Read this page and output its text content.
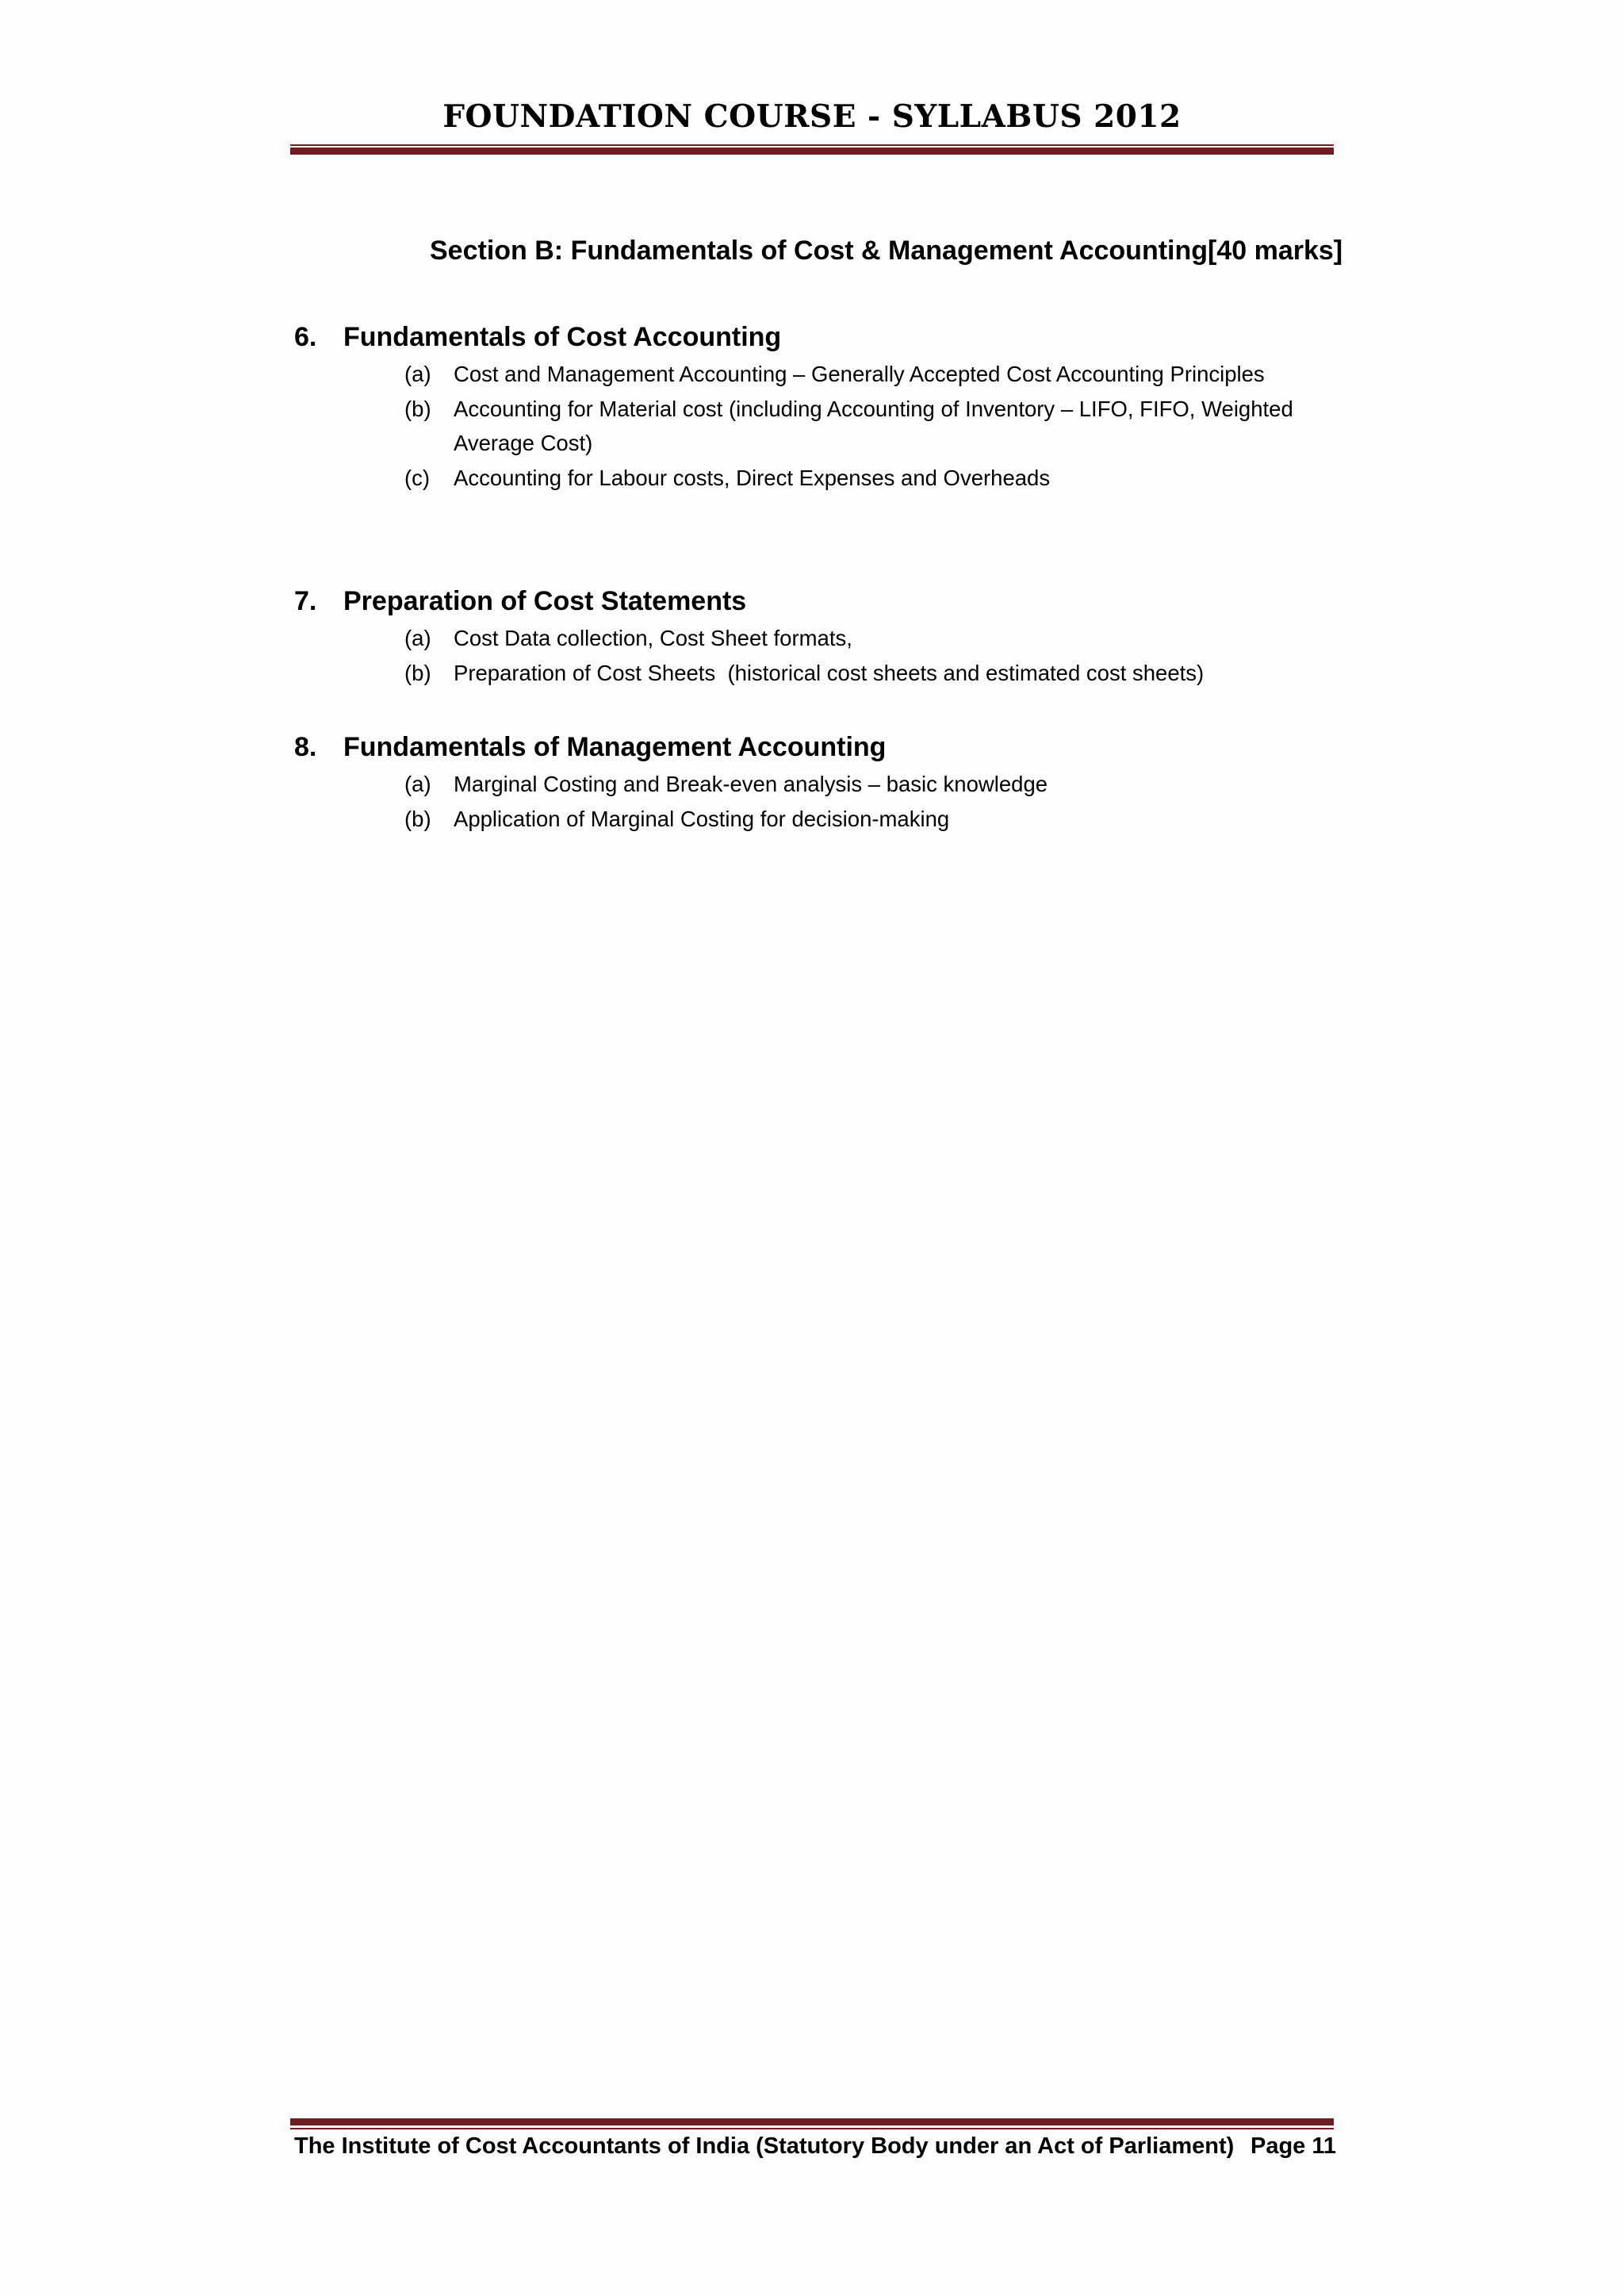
FOUNDATION COURSE - SYLLABUS 2012
Section B: Fundamentals of Cost & Management Accounting[40 marks]
6. Fundamentals of Cost Accounting
(a)	Cost and Management Accounting – Generally Accepted Cost Accounting Principles
(b)	Accounting for Material cost (including Accounting of Inventory – LIFO, FIFO, Weighted Average Cost)
(c)	Accounting for Labour costs, Direct Expenses and Overheads
7. Preparation of Cost Statements
(a)	Cost Data collection, Cost Sheet formats,
(b)	Preparation of Cost Sheets  (historical cost sheets and estimated cost sheets)
8. Fundamentals of Management Accounting
(a)	Marginal Costing and Break-even analysis – basic knowledge
(b)	Application of Marginal Costing for decision-making
The Institute of Cost Accountants of India (Statutory Body under an Act of Parliament) Page 11
